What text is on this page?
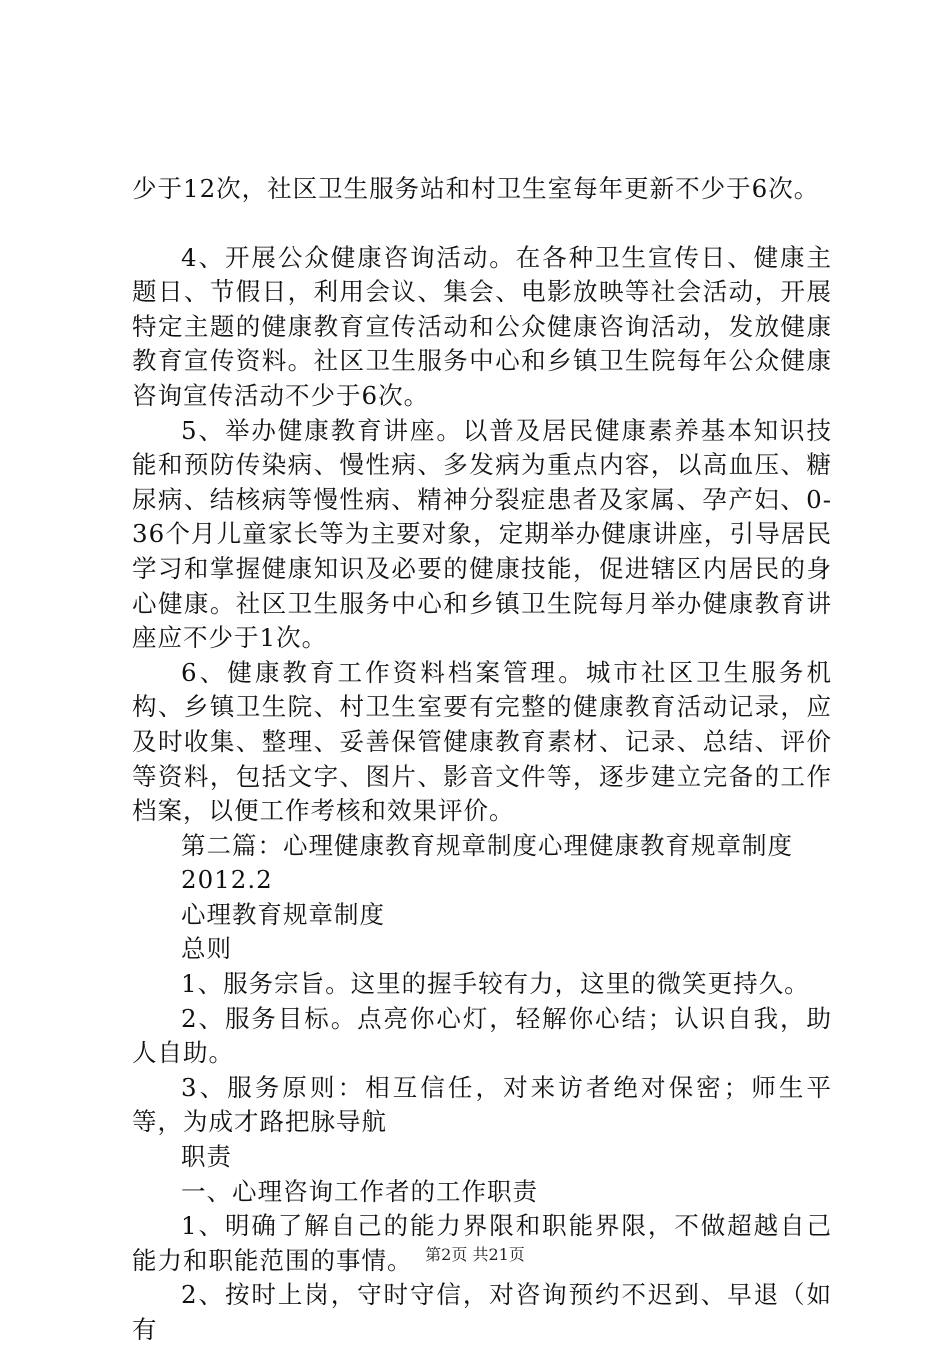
少于12次，社区卫生服务站和村卫生室每年更新不少于6次。

4、开展公众健康咨询活动。在各种卫生宣传日、健康主题日、节假日，利用会议、集会、电影放映等社会活动，开展特定主题的健康教育宣传活动和公众健康咨询活动，发放健康教育宣传资料。社区卫生服务中心和乡镇卫生院每年公众健康咨询宣传活动不少于6次。

5、举办健康教育讲座。以普及居民健康素养基本知识技能和预防传染病、慢性病、多发病为重点内容，以高血压、糖尿病、结核病等慢性病、精神分裂症患者及家属、孕产妇、0-36个月儿童家长等为主要对象，定期举办健康讲座，引导居民学习和掌握健康知识及必要的健康技能，促进辖区内居民的身心健康。社区卫生服务中心和乡镇卫生院每月举办健康教育讲座应不少于1次。

6、健康教育工作资料档案管理。城市社区卫生服务机构、乡镇卫生院、村卫生室要有完整的健康教育活动记录，应及时收集、整理、妥善保管健康教育素材、记录、总结、评价等资料，包括文字、图片、影音文件等，逐步建立完备的工作档案，以便工作考核和效果评价。

第二篇：心理健康教育规章制度心理健康教育规章制度

2012.2

心理教育规章制度

总则

1、服务宗旨。这里的握手较有力，这里的微笑更持久。

2、服务目标。点亮你心灯，轻解你心结；认识自我，助人自助。

3、服务原则：相互信任，对来访者绝对保密；师生平等，为成才路把脉导航

职责

一、心理咨询工作者的工作职责

1、明确了解自己的能力界限和职能界限，不做超越自己能力和职能范围的事情。

2、按时上岗，守时守信，对咨询预约不迟到、早退（如有

第2页 共21页
